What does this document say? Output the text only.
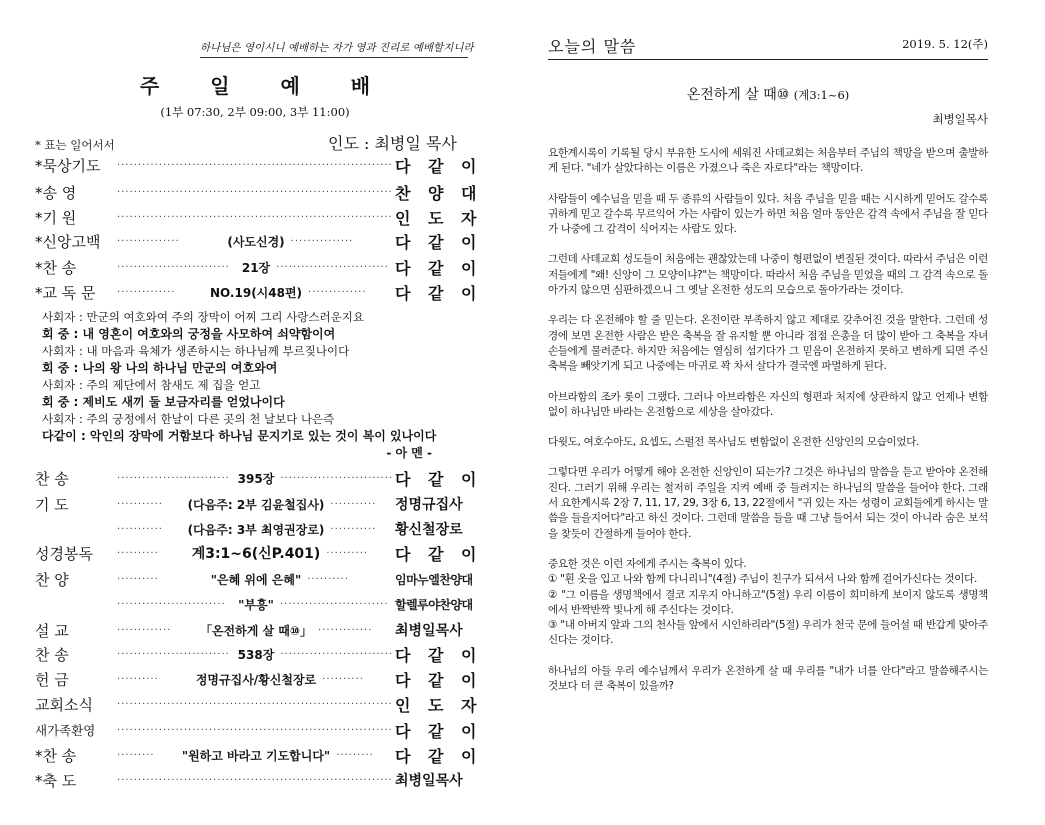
하나님은 영이시니 예배하는 자가 영과 진리로 예배할지니라
주 일 예 배
(1부 07:30, 2부 09:00, 3부 11:00)
* 표는 일어서서	인도 : 최병일 목사
*묵상기도	·································································· 다 같 이
*송 영	·································································· 찬 양 대
*기 원	·································································· 인 도 자
*신앙고백	···············	(사도신경) ···············	다 같 이
*찬 송	···························	21장 ··························· 다 같 이
*교 독 문	··············	NO.19(시48편) ··············	다 같 이
사회자 : 만군의 여호와여 주의 장막이 어찌 그리 사랑스러운지요
회 중 : 내 영혼이 여호와의 궁정을 사모하여 쇠약함이여
사회자 : 내 마음과 육체가 생존하시는 하나님께 부르짖나이다
회 중 : 나의 왕 나의 하나님 만군의 여호와여
사회자 : 주의 제단에서 참새도 제 집을 얻고
회 중 : 제비도 새끼 둘 보금자리를 얻었나이다
사회자 : 주의 궁정에서 한날이 다른 곳의 천 날보다 나은즉
다같이 : 악인의 장막에 거함보다 하나님 문지기로 있는 것이 복이 있나이다
- 아 멘 -
찬 송	··························· 395장 ··························· 다 같 이
기 도	···········	(다음주: 2부 김윤철집사) ···········	정명규집사
···········	(다음주: 3부 최영권장로) ···········	황신철장로
성경봉독	··········	계3:1~6(신P.401) ··········	다 같 이
찬 양	··········	"은혜 위에 은혜" ··········	임마누엘찬양대
··························	"부흥" ·························· 할렐루야찬양대
설 교	·············	「온전하게 살 때⑩」 ·············	최병일목사
찬 송	··························· 538장 ··························· 다 같 이
헌 금	··········	정명규집사/황신철장로 ··········	다 같 이
교회소식	·································································· 인 도 자
새가족환영	·································································· 다 같 이
*찬 송	·········	"원하고 바라고 기도합니다" ·········	다 같 이
*축 도	·································································· 최병일목사
오늘의 말씀	2019. 5. 12(주)
온전하게 살 때⑩ (계3:1~6)
최병일목사

요한계시록이 기록될 당시 부유한 도시에 세워진 사데교회는 처음부터 주님의 책망을 받으며 출발하게 된다. "네가 살았다하는 이름은 가졌으나 죽은 자로다"라는 책망이다.

사람들이 예수님을 믿을 때 두 종류의 사람들이 있다. 처음 주님을 믿을 때는 시시하게 믿어도 갈수록 귀하게 믿고 갈수록 무르익어 가는 사람이 있는가 하면 처음 얼마 동안은 감격 속에서 주님을 잘 믿다가 나중에 그 감격이 식어지는 사람도 있다.

그런데 사데교회 성도들이 처음에는 괜찮았는데 나중이 형편없이 변질된 것이다. 따라서 주님은 이런 저들에게 "왜! 신앙이 그 모양이냐?"는 책망이다. 따라서 처음 주님을 믿었을 때의 그 감격 속으로 돌아가지 않으면 심판하겠으니 그 옛날 온전한 성도의 모습으로 돌아가라는 것이다.

우리는 다 온전해야 할 줄 믿는다. 온전이란 부족하지 않고 제대로 갖추어진 것을 말한다. 그런데 성경에 보면 온전한 사람은 받은 축복을 잘 유지할 뿐 아니라 점점 은총을 더 많이 받아 그 축복을 자녀 손들에게 물려준다. 하지만 처음에는 열심히 섬기다가 그 믿음이 온전하지 못하고 변하게 되면 주신 축복을 빼앗기게 되고 나중에는 마귀로 꽉 차서 살다가 결국엔 파멸하게 된다.

아브라함의 조카 롯이 그랬다. 그러나 아브라함은 자신의 형편과 처지에 상관하지 않고 언제나 변함없이 하나님만 바라는 온전함으로 세상을 살아갔다.

다윗도, 여호수아도, 요셉도, 스펄전 목사님도 변함없이 온전한 신앙인의 모습이었다.

그렇다면 우리가 어떻게 해야 온전한 신앙인이 되는가? 그것은 하나님의 말씀을 듣고 받아야 온전해진다. 그러기 위해 우리는 철저히 주일을 지켜 예배 중 들려지는 하나님의 말씀을 들어야 한다. 그래서 요한계시록 2장 7, 11, 17, 29, 3장 6, 13, 22절에서 "귀 있는 자는 성령이 교회들에게 하시는 말씀을 들을지어다"라고 하신 것이다. 그런데 말씀을 들을 때 그냥 들어서 되는 것이 아니라 숨은 보석을 찾듯이 간절하게 들어야 한다.

중요한 것은 이런 자에게 주시는 축복이 있다.

① "흰 옷을 입고 나와 함께 다니리니"(4절) 주님이 친구가 되셔서 나와 함께 걸어가신다는 것이다.

② "그 이름을 생명책에서 결코 지우지 아니하고"(5절) 우리 이름이 희미하게 보이지 않도록 생명책에서 반짝반짝 빛나게 해 주신다는 것이다.

③ "내 아버지 앞과 그의 천사들 앞에서 시인하리라"(5절) 우리가 천국 문에 들어설 때 반갑게 맞아주신다는 것이다.

하나님의 아들 우리 예수님께서 우리가 온전하게 살 때 우리를 "내가 너를 안다"라고 말씀해주시는 것보다 더 큰 축복이 있을까?
